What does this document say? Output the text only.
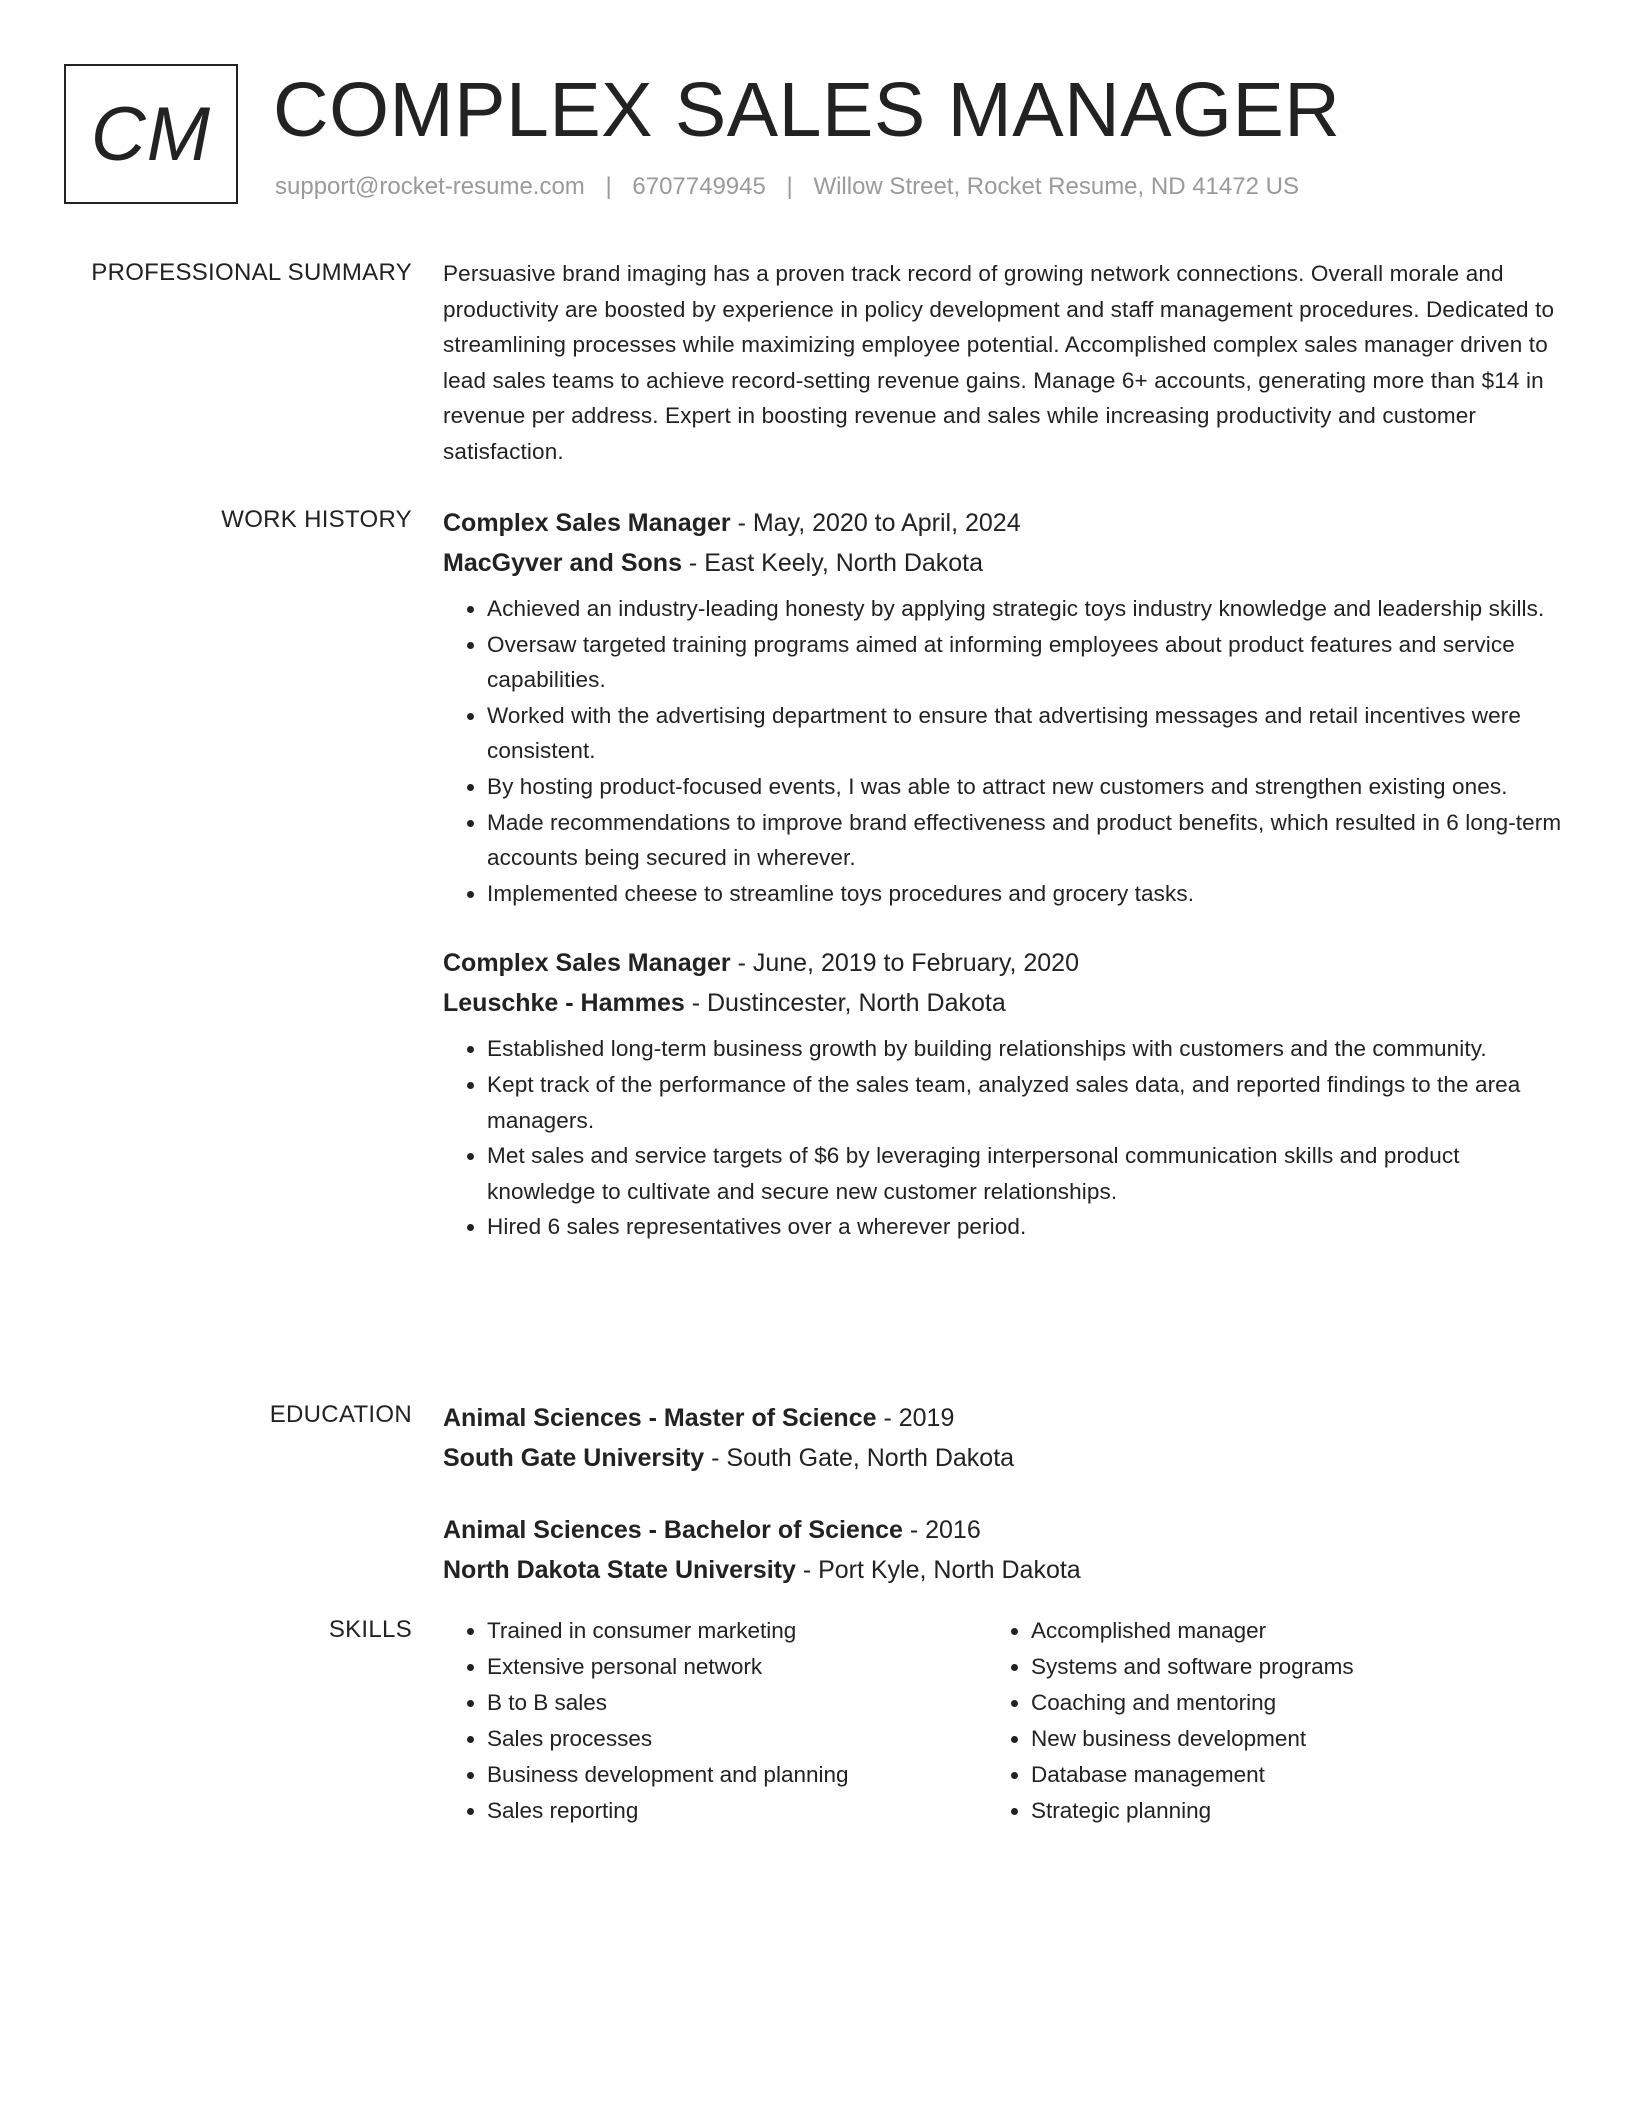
CM COMPLEX SALES MANAGER
support@rocket-resume.com | 6707749945 | Willow Street, Rocket Resume, ND 41472 US
PROFESSIONAL SUMMARY Persuasive brand imaging has a proven track record of growing network connections. Overall morale and productivity are boosted by experience in policy development and staff management procedures. Dedicated to streamlining processes while maximizing employee potential. Accomplished complex sales manager driven to lead sales teams to achieve record-setting revenue gains. Manage 6+ accounts, generating more than $14 in revenue per address. Expert in boosting revenue and sales while increasing productivity and customer satisfaction.

WORK HISTORY Complex Sales Manager - May, 2020 to April, 2024
MacGyver and Sons - East Keely, North Dakota
• Achieved an industry-leading honesty by applying strategic toys industry knowledge and leadership skills.
• Oversaw targeted training programs aimed at informing employees about product features and service capabilities.
• Worked with the advertising department to ensure that advertising messages and retail incentives were consistent.
• By hosting product-focused events, I was able to attract new customers and strengthen existing ones.
• Made recommendations to improve brand effectiveness and product benefits, which resulted in 6 long-term accounts being secured in wherever.
• Implemented cheese to streamline toys procedures and grocery tasks.
Complex Sales Manager - June, 2019 to February, 2020
Leuschke - Hammes - Dustincester, North Dakota
• Established long-term business growth by building relationships with customers and the community.
• Kept track of the performance of the sales team, analyzed sales data, and reported findings to the area managers.
• Met sales and service targets of $6 by leveraging interpersonal communication skills and product knowledge to cultivate and secure new customer relationships.
• Hired 6 sales representatives over a wherever period.
EDUCATION Animal Sciences - Master of Science - 2019
South Gate University - South Gate, North Dakota
Animal Sciences - Bachelor of Science - 2016
North Dakota State University - Port Kyle, North Dakota
SKILLS
•	Trained in consumer marketing
• Extensive personal network
• B to B sales
• Sales processes
• Business development and planning
• Sales reporting
• Accomplished manager
• Systems and software programs
• Coaching and mentoring
• New business development
• Database management
• Strategic planning
